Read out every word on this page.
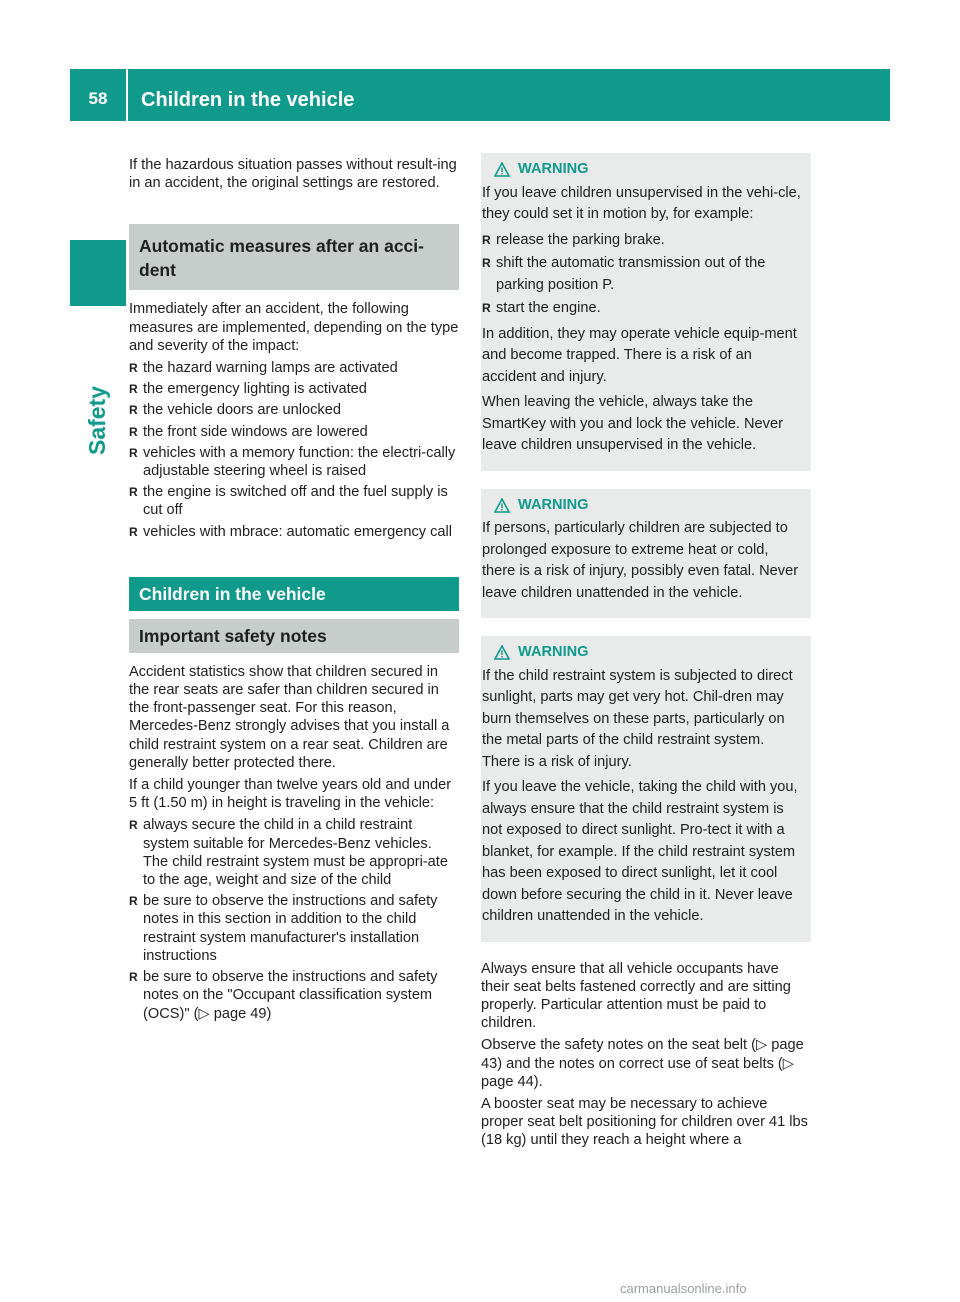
58	Children in the vehicle
Safety

If the hazardous situation passes without result-ing in an accident, the original settings are restored.

Automatic measures after an acci-dent

Immediately after an accident, the following measures are implemented, depending on the type and severity of the impact:

R the hazard warning lamps are activated
R the emergency lighting is activated
R the vehicle doors are unlocked
R the front side windows are lowered
R vehicles with a memory function: the electri-cally adjustable steering wheel is raised
R the engine is switched off and the fuel supply is cut off
R vehicles with mbrace: automatic emergency call
Children in the vehicle
Important safety notes

Accident statistics show that children secured in the rear seats are safer than children secured in the front-passenger seat. For this reason, Mercedes-Benz strongly advises that you install a child restraint system on a rear seat. Children are generally better protected there.

If a child younger than twelve years old and under 5 ft (1.50 m) in height is traveling in the vehicle:

R always secure the child in a child restraint system suitable for Mercedes-Benz vehicles. The child restraint system must be appropri-ate to the age, weight and size of the child
R be sure to observe the instructions and safety notes in this section in addition to the child restraint system manufacturer's installation instructions
R be sure to observe the instructions and safety notes on the "Occupant classification system (OCS)" (▷ page 49)
WARNING

If you leave children unsupervised in the vehi-cle, they could set it in motion by, for example:

R release the parking brake.
R shift the automatic transmission out of the parking position P.
R start the engine.

In addition, they may operate vehicle equip-ment and become trapped. There is a risk of an accident and injury.

When leaving the vehicle, always take the SmartKey with you and lock the vehicle. Never leave children unsupervised in the vehicle.

WARNING

If persons, particularly children are subjected to prolonged exposure to extreme heat or cold, there is a risk of injury, possibly even fatal. Never leave children unattended in the vehicle.

WARNING

If the child restraint system is subjected to direct sunlight, parts may get very hot. Chil-dren may burn themselves on these parts, particularly on the metal parts of the child restraint system. There is a risk of injury.

If you leave the vehicle, taking the child with you, always ensure that the child restraint system is not exposed to direct sunlight. Pro-tect it with a blanket, for example. If the child restraint system has been exposed to direct sunlight, let it cool down before securing the child in it. Never leave children unattended in the vehicle.

Always ensure that all vehicle occupants have their seat belts fastened correctly and are sitting properly. Particular attention must be paid to children.

Observe the safety notes on the seat belt (▷ page 43) and the notes on correct use of seat belts (▷ page 44).

A booster seat may be necessary to achieve proper seat belt positioning for children over 41 lbs (18 kg) until they reach a height where a

carmanualsonline.info
